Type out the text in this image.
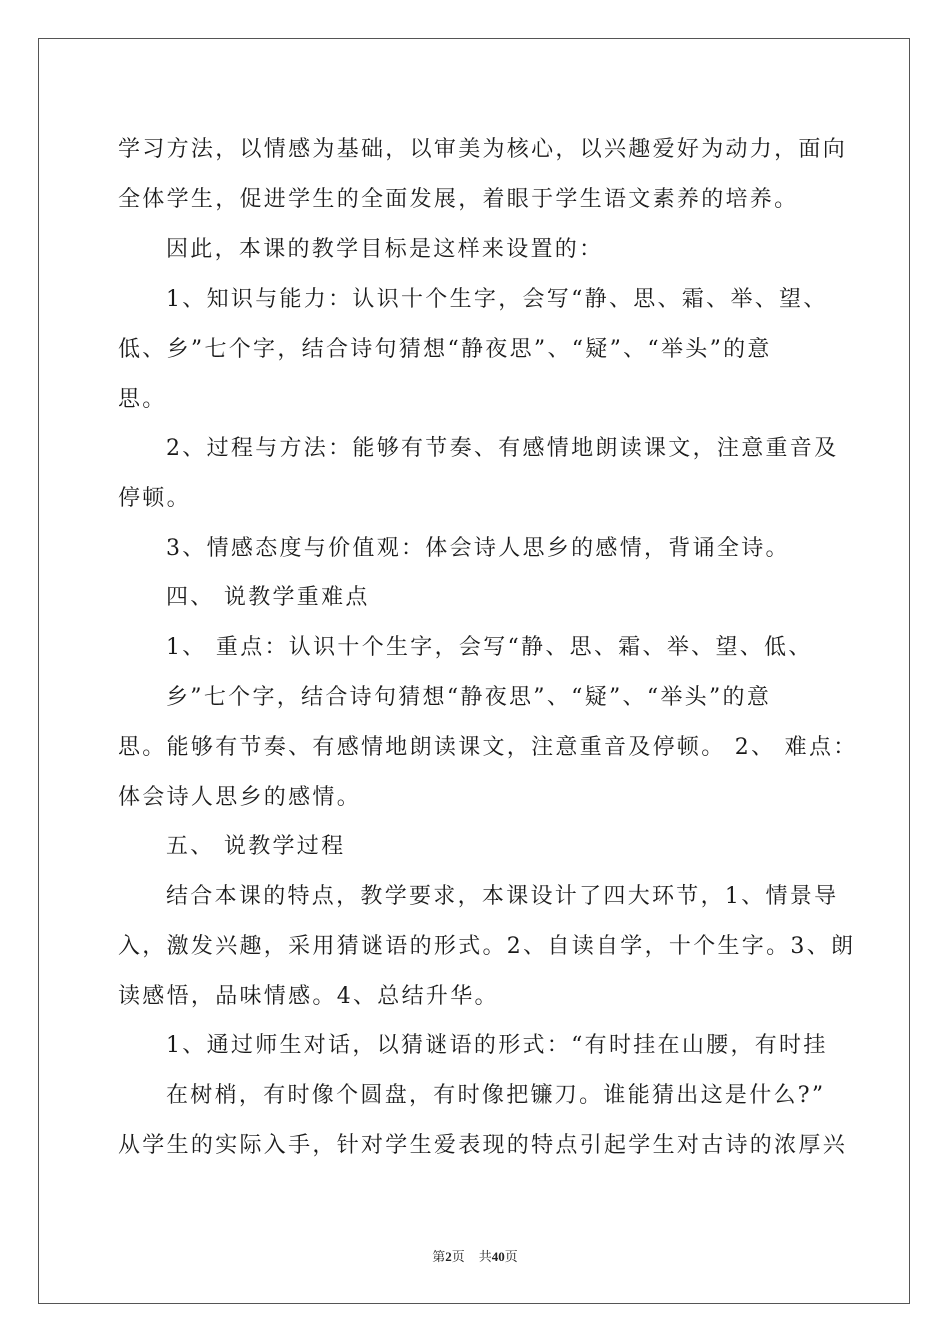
学习方法，以情感为基础，以审美为核心，以兴趣爱好为动力，面向
全体学生，促进学生的全面发展，着眼于学生语文素养的培养。
因此，本课的教学目标是这样来设置的：
1、知识与能力：认识十个生字，会写“静、思、霜、举、望、
低、乡”七个字，结合诗句猜想“静夜思”、“疑”、“举头”的意
思。
2、过程与方法：能够有节奏、有感情地朗读课文，注意重音及
停顿。
3、情感态度与价值观：体会诗人思乡的感情，背诵全诗。
四、 说教学重难点
1、 重点：认识十个生字，会写“静、思、霜、举、望、低、
乡”七个字，结合诗句猜想“静夜思”、“疑”、“举头”的意
思。能够有节奏、有感情地朗读课文，注意重音及停顿。 2、 难点：
体会诗人思乡的感情。
五、 说教学过程
结合本课的特点，教学要求，本课设计了四大环节，1、情景导
入，激发兴趣，采用猜谜语的形式。2、自读自学，十个生字。3、朗
读感悟，品味情感。4、总结升华。
1、通过师生对话，以猜谜语的形式：“有时挂在山腰，有时挂
在树梢，有时像个圆盘，有时像把镰刀。谁能猜出这是什么?”
从学生的实际入手，针对学生爱表现的特点引起学生对古诗的浓厚兴
第2页 共40页
